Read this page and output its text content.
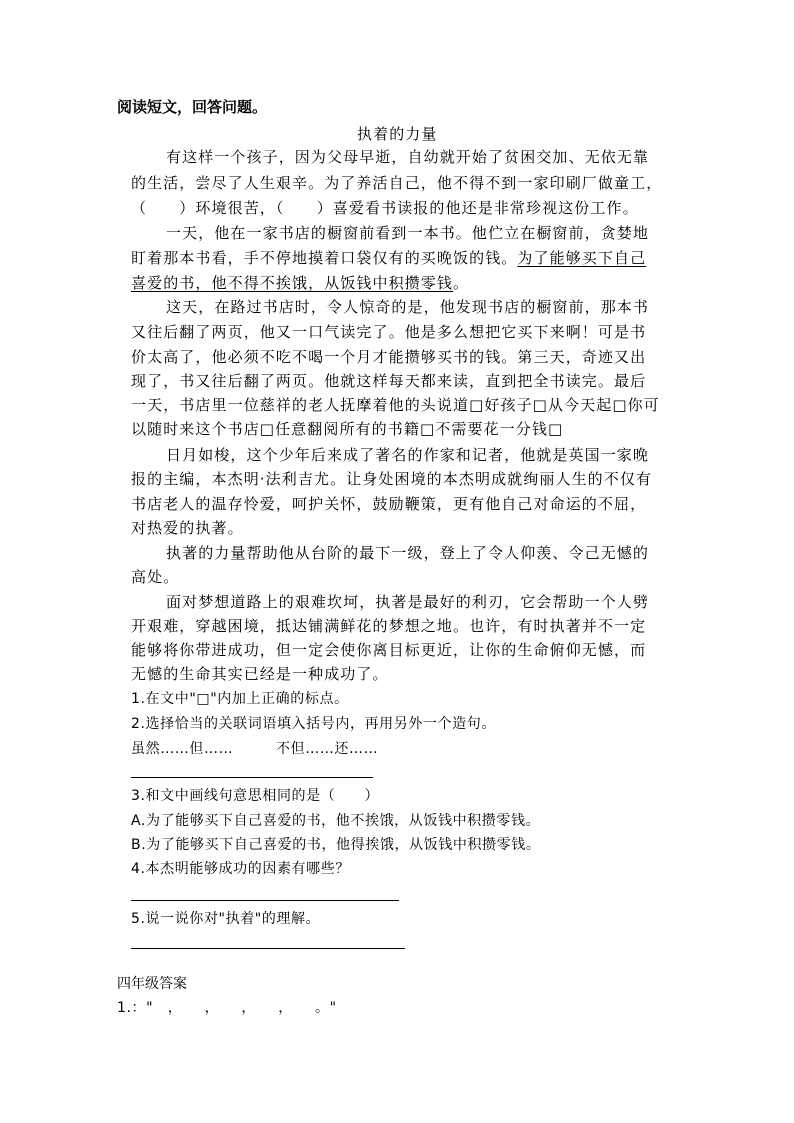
阅读短文，回答问题。
执着的力量
有这样一个孩子，因为父母早逝，自幼就开始了贫困交加、无依无靠
的生活，尝尽了人生艰辛。为了养活自己，他不得不到一家印刷厂做童工，
（　　）环境很苦，（　　）喜爱看书读报的他还是非常珍视这份工作。
一天，他在一家书店的橱窗前看到一本书。他伫立在橱窗前，贪婪地
盯着那本书看，手不停地摸着口袋仅有的买晚饭的钱。为了能够买下自己
喜爱的书，他不得不挨饿，从饭钱中积攒零钱。
这天，在路过书店时，令人惊奇的是，他发现书店的橱窗前，那本书
又往后翻了两页，他又一口气读完了。他是多么想把它买下来啊！可是书
价太高了，他必须不吃不喝一个月才能攒够买书的钱。第三天，奇迹又出
现了，书又往后翻了两页。他就这样每天都来读，直到把全书读完。最后
一天，书店里一位慈祥的老人抚摩着他的头说道□好孩子□从今天起□你可
以随时来这个书店□任意翻阅所有的书籍□不需要花一分钱□
日月如梭，这个少年后来成了著名的作家和记者，他就是英国一家晚
报的主编，本杰明·法利吉尤。让身处困境的本杰明成就绚丽人生的不仅有
书店老人的温存怜爱，呵护关怀，鼓励鞭策，更有他自己对命运的不屈，
对热爱的执著。
执著的力量帮助他从台阶的最下一级，登上了令人仰羡、令己无憾的
高处。
面对梦想道路上的艰难坎坷，执著是最好的利刃，它会帮助一个人劈
开艰难，穿越困境，抵达铺满鲜花的梦想之地。也许，有时执著并不一定
能够将你带进成功，但一定会使你离目标更近，让你的生命俯仰无憾，而
无憾的生命其实已经是一种成功了。
1.在文中"□"内加上正确的标点。
2.选择恰当的关联词语填入括号内，再用另外一个造句。
虽然……但……	不但……还……
3.和文中画线句意思相同的是（　　）
A.为了能够买下自己喜爱的书，他不挨饿，从饭钱中积攒零钱。
B.为了能够买下自己喜爱的书，他得挨饿，从饭钱中积攒零钱。
4.本杰明能够成功的因素有哪些？
5.说一说你对"执着"的理解。
四年级答案
1.："　，　　，　　，　　，　　。"
